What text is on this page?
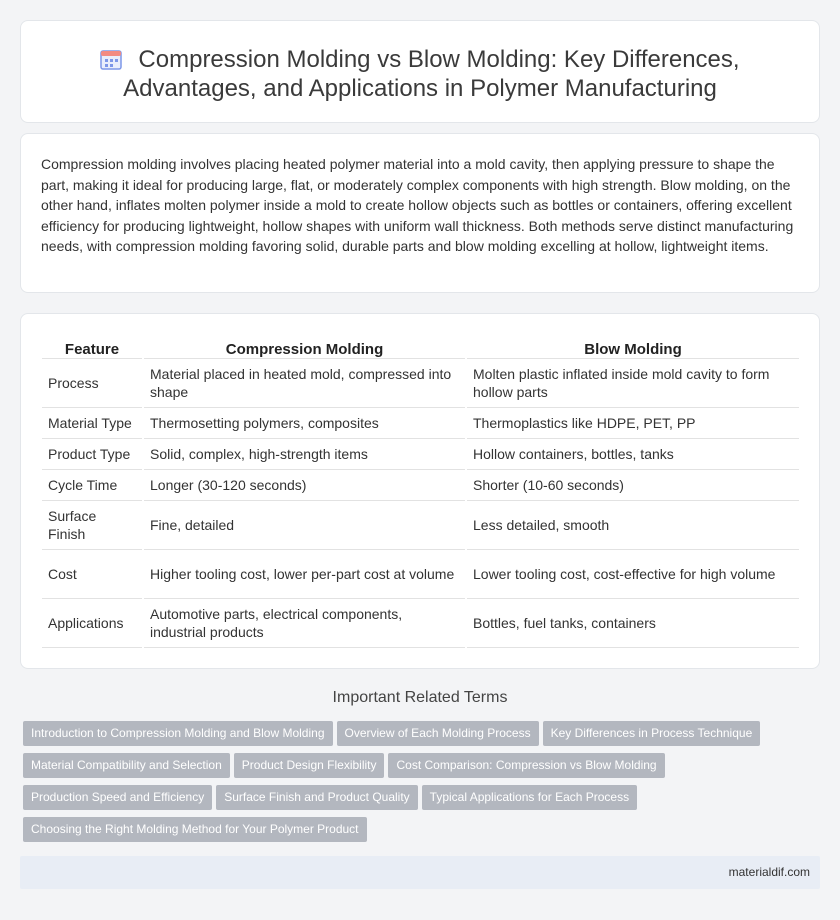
Compression Molding vs Blow Molding: Key Differences,
Advantages, and Applications in Polymer Manufacturing

Compression molding involves placing heated polymer material into a mold cavity, then applying pressure to shape the part, making it ideal for producing large, flat, or moderately complex components with high strength. Blow molding, on the other hand, inflates molten polymer inside a mold to create hollow objects such as bottles or containers, offering excellent efficiency for producing lightweight, hollow shapes with uniform wall thickness. Both methods serve distinct manufacturing needs, with compression molding favoring solid, durable parts and blow molding excelling at hollow, lightweight items.

Feature	Compression Molding	Blow Molding
Process	Material placed in heated mold, compressed into shape	Molten plastic inflated inside mold cavity to form hollow parts
Material Type	Thermosetting polymers, composites	Thermoplastics like HDPE, PET, PP
Product Type	Solid, complex, high-strength items	Hollow containers, bottles, tanks
Cycle Time	Longer (30-120 seconds)	Shorter (10-60 seconds)
Surface Finish	Fine, detailed	Less detailed, smooth
Cost	Higher tooling cost, lower per-part cost at volume	Lower tooling cost, cost-effective for high volume
Applications	Automotive parts, electrical components, industrial products	Bottles, fuel tanks, containers
Important Related Terms
Introduction to Compression Molding and Blow Molding Overview of Each Molding Process Key Differences in Process Technique
Material Compatibility and Selection Product Design Flexibility Cost Comparison: Compression vs Blow Molding
Production Speed and Efficiency Surface Finish and Product Quality Typical Applications for Each Process
Choosing the Right Molding Method for Your Polymer Product
materialdif.com
